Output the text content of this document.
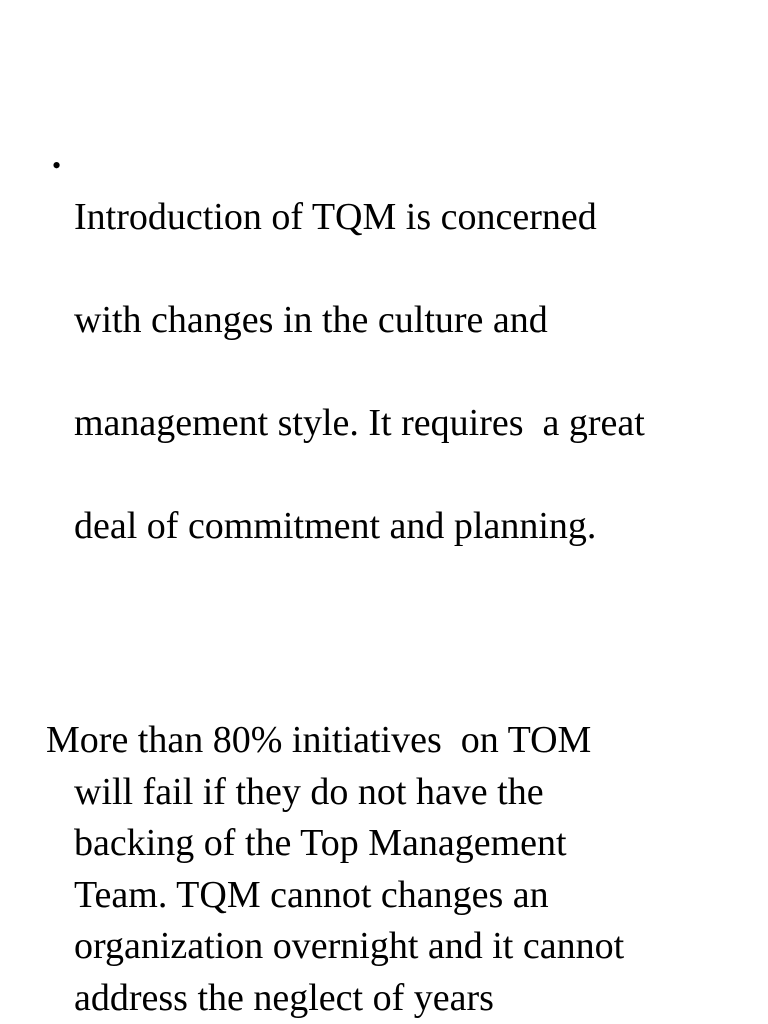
•

Introduction of TQM is concerned

with changes in the culture and

management style. It requires  a great

deal of commitment and planning.

More than 80% initiatives  on TOM
will fail if they do not have the
backing of the Top Management
Team. TQM cannot changes an
organization overnight and it cannot
address the neglect of years
